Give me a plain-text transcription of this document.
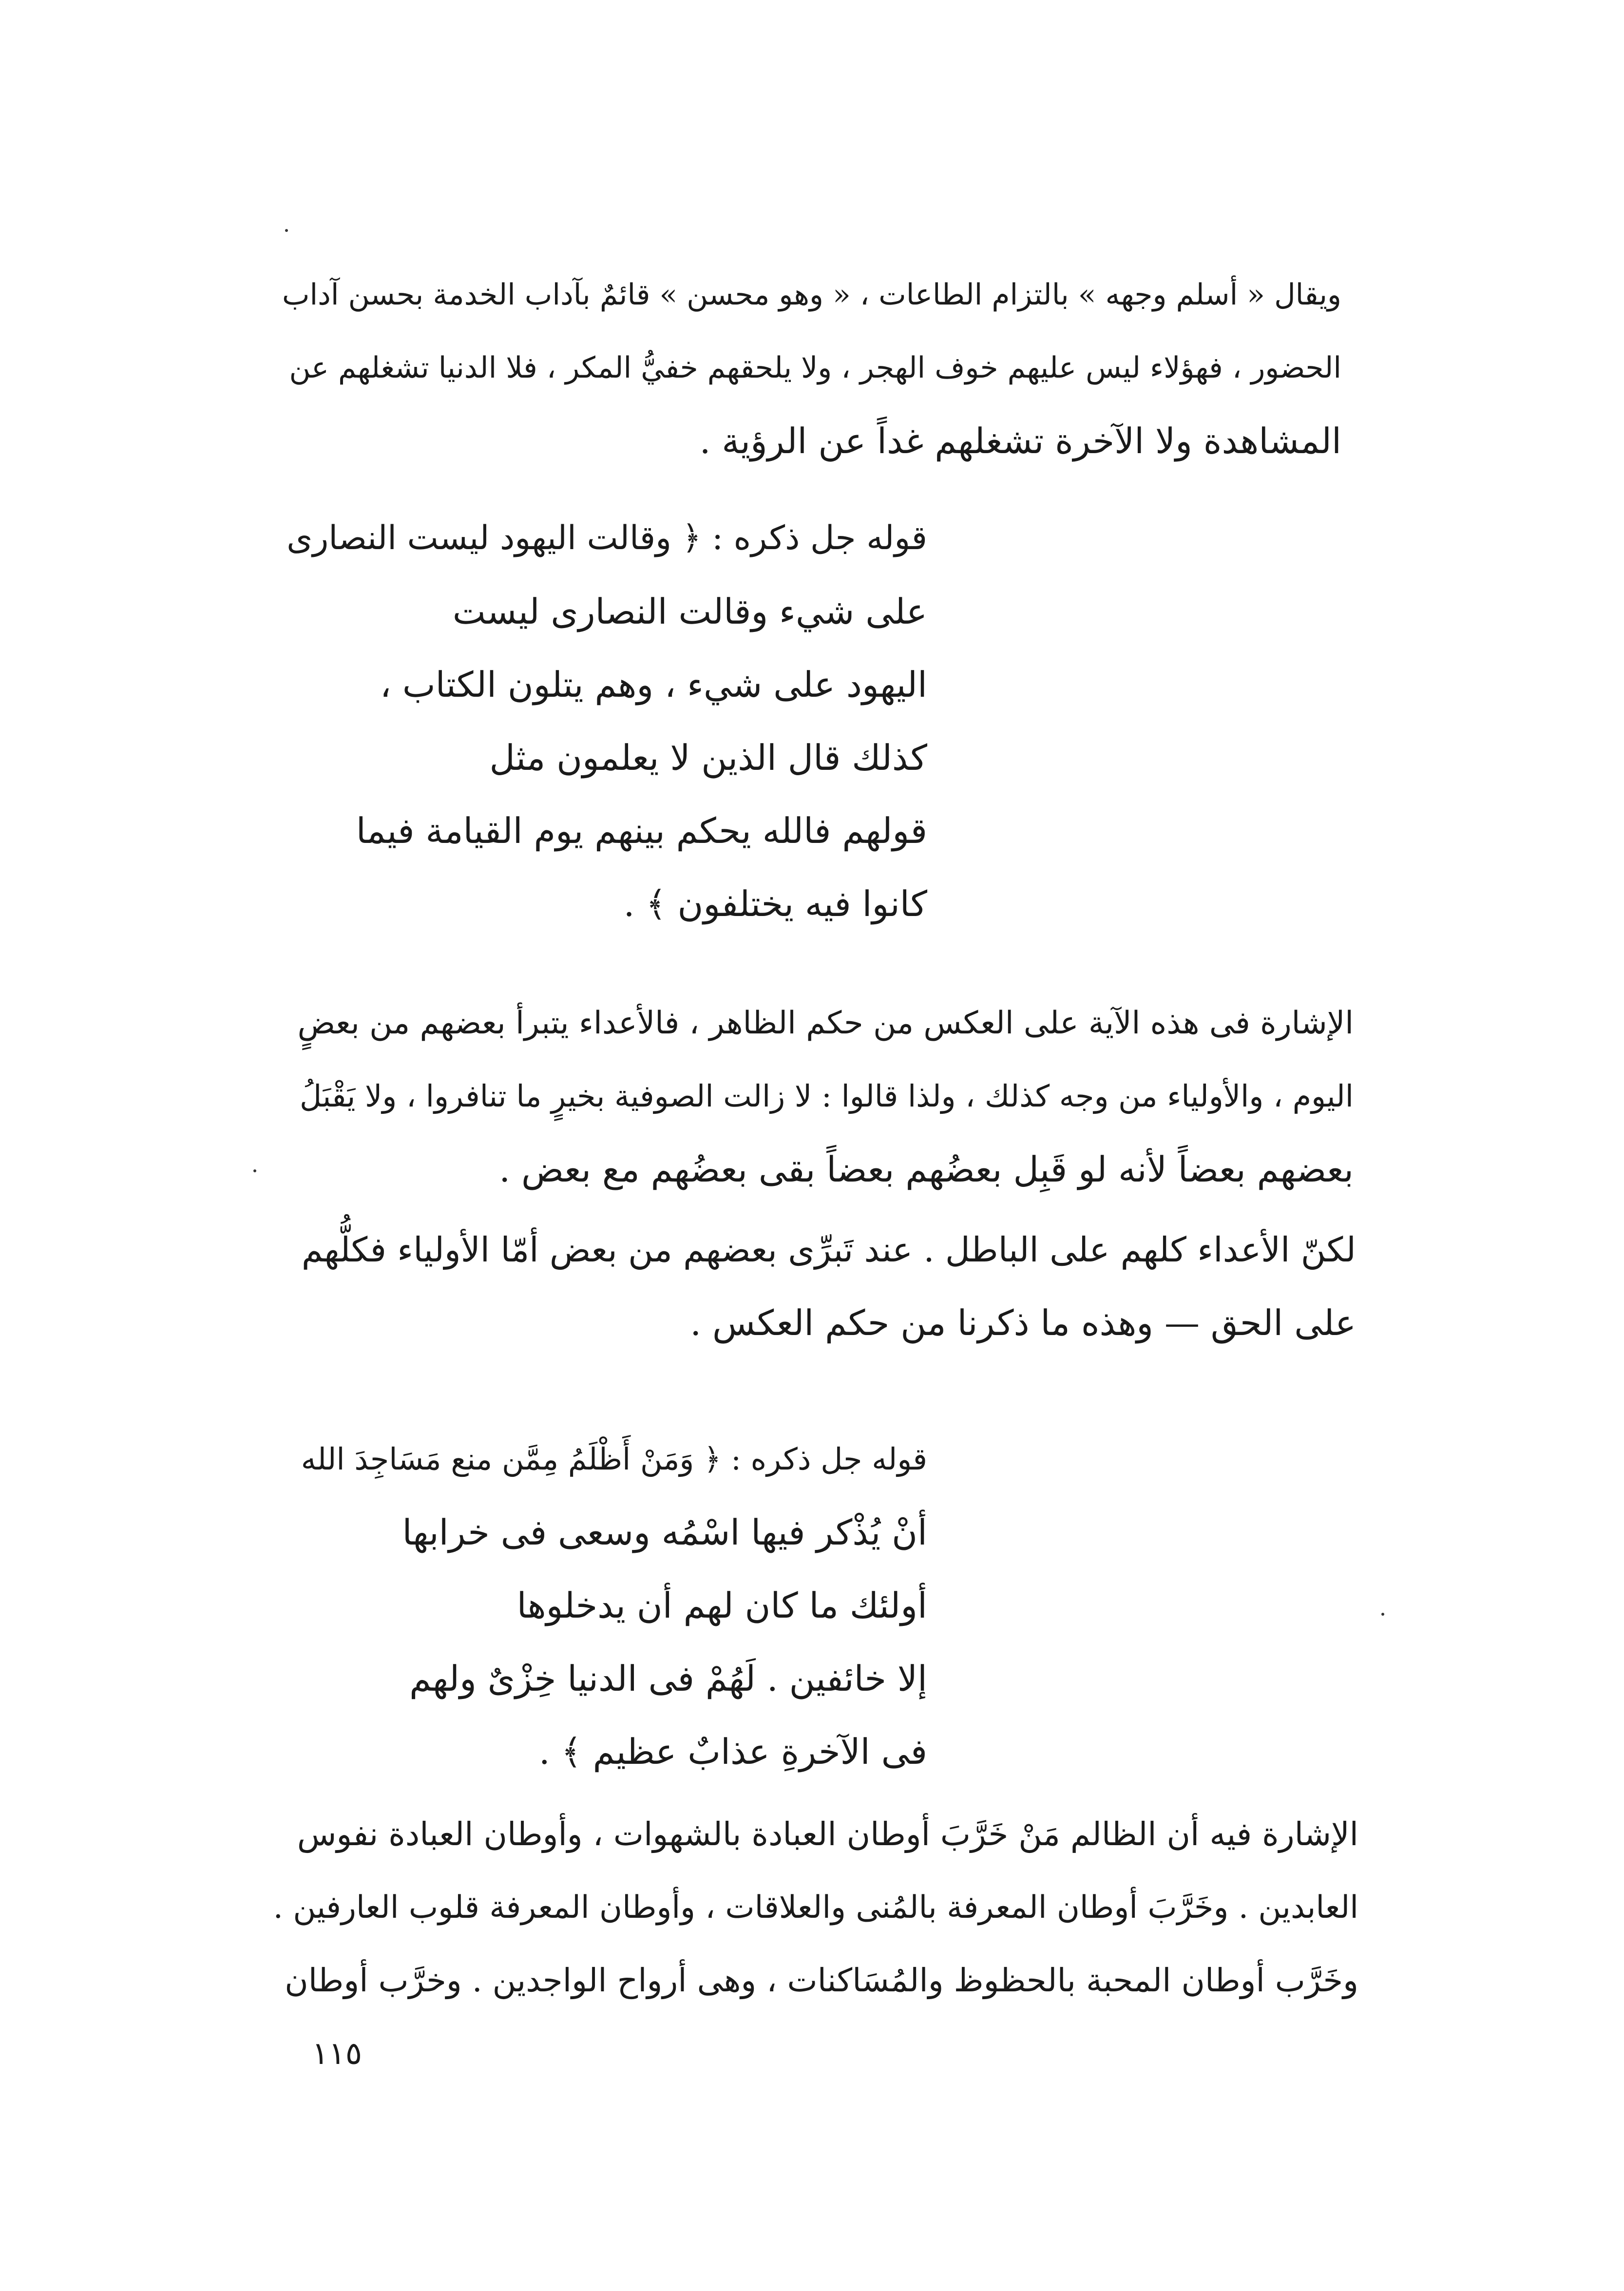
ويقال « أسلم وجهه » بالتزام الطاعات ، « وهو محسن » قائمٌ بآداب الخدمة بحسن آداب
الحضور ، فهؤلاء ليس عليهم خوف الهجر ، ولا يلحقهم خفيُّ المكر ، فلا الدنيا تشغلهم عن
المشاهدة ولا الآخرة تشغلهم غداً عن الرؤية .
قوله جل ذكره : ﴿ وقالت اليهود ليست النصارى
على شيء وقالت النصارى ليست
اليهود على شيء ، وهم يتلون الكتاب ،
كذلك قال الذين لا يعلمون مثل
قولهم فالله يحكم بينهم يوم القيامة فيما
كانوا فيه يختلفون ﴾ .
الإشارة فى هذه الآية على العكس من حكم الظاهر ، فالأعداء يتبرأ بعضهم من بعضٍ
اليوم ، والأولياء من وجه كذلك ، ولذا قالوا : لا زالت الصوفية بخيرٍ ما تنافروا ، ولا يَقْبَلُ
بعضهم بعضاً لأنه لو قَبِل بعضُهم بعضاً بقى بعضُهم مع بعض .
لكنّ الأعداء كلهم على الباطل . عند تَبرِّى بعضهم من بعض أمّا الأولياء فكلُّهم
على الحق — وهذه ما ذكرنا من حكم العكس .
قوله جل ذكره : ﴿ وَمَنْ أَظْلَمُ مِمَّن منع مَسَاجِدَ الله
أنْ يُذْكر فيها اسْمُه وسعى فى خرابها
أولئك ما كان لهم أن يدخلوها
إلا خائفين . لَهُمْ فى الدنيا خِزْىٌ ولهم
فى الآخرةِ عذابٌ عظيم ﴾ .
الإشارة فيه أن الظالم مَنْ خَرَّبَ أوطان العبادة بالشهوات ، وأوطان العبادة نفوس
العابدين . وخَرَّبَ أوطان المعرفة بالمُنى والعلاقات ، وأوطان المعرفة قلوب العارفين .
وخَرَّب أوطان المحبة بالحظوظ والمُسَاكنات ، وهى أرواح الواجدين . وخرَّب أوطان
١١٥
